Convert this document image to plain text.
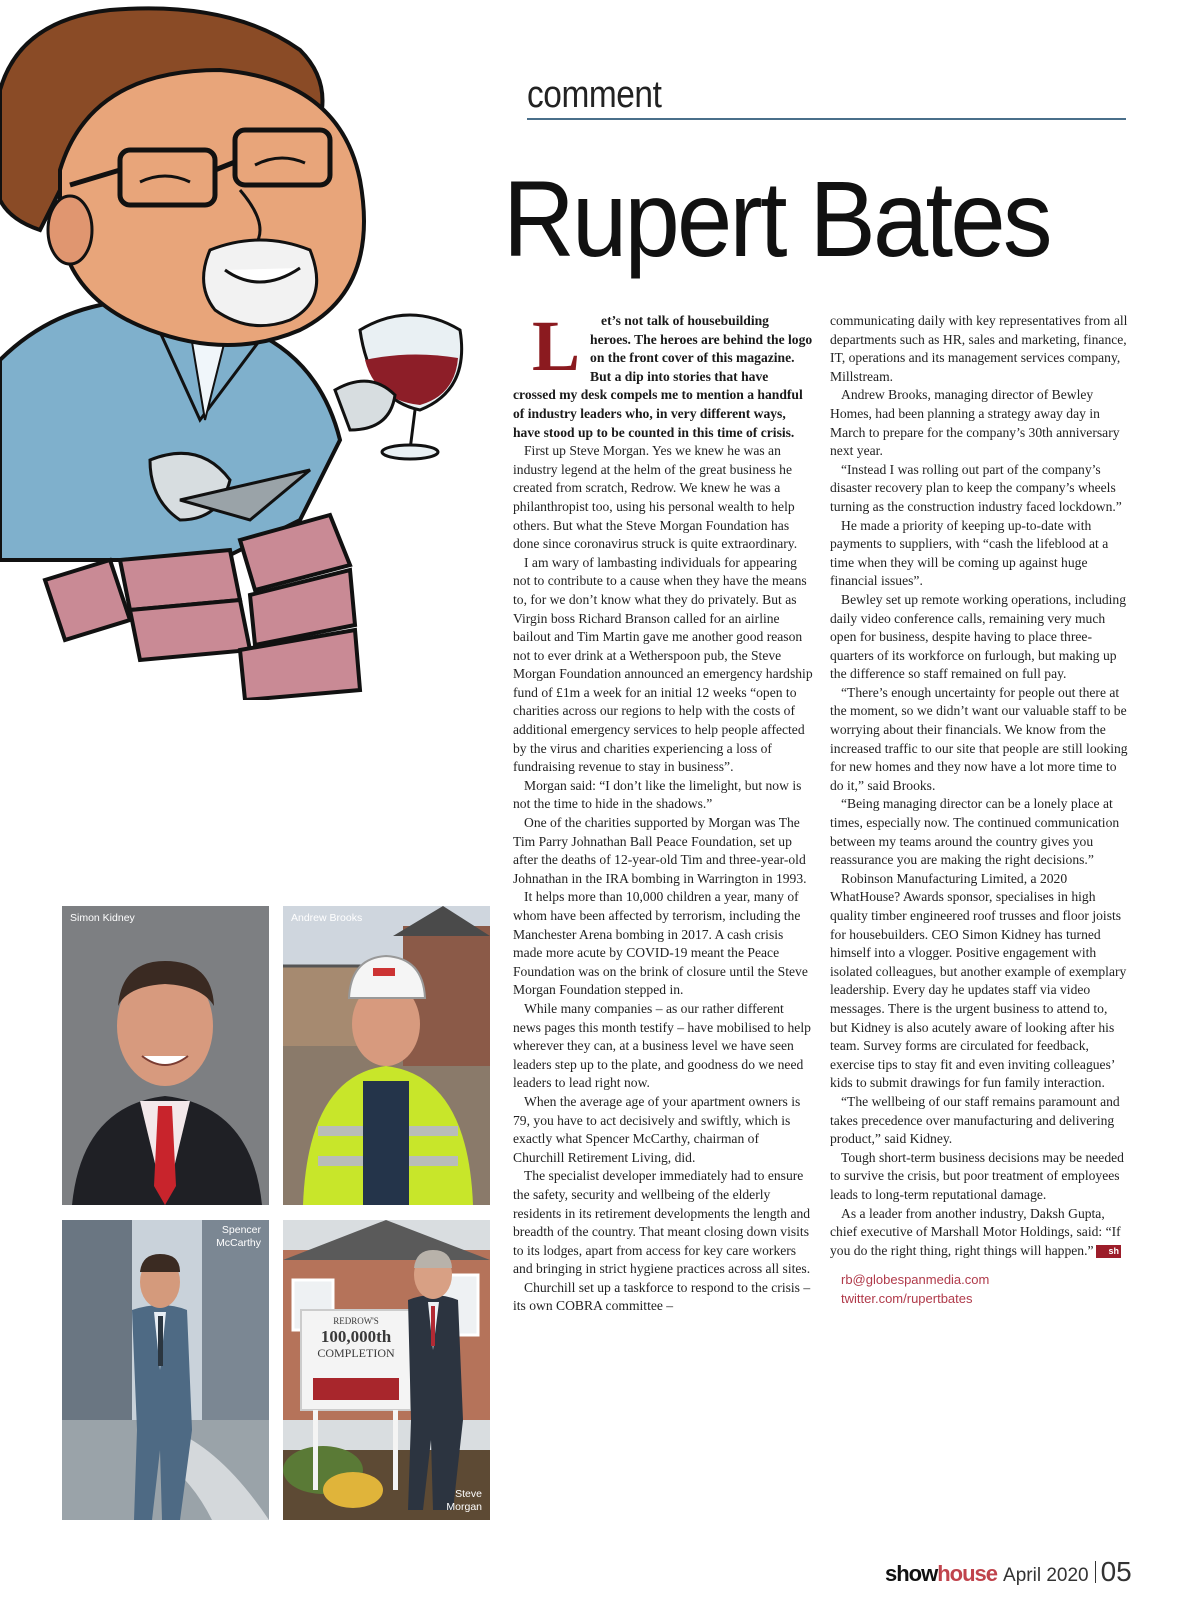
comment
Rupert Bates

L et’s not talk of housebuilding heroes. The heroes are behind the logo on the front cover of this magazine. But a dip into stories that have crossed my desk compels me to mention a handful of industry leaders who, in very different ways, have stood up to be counted in this time of crisis.

First up Steve Morgan. Yes we knew he was an industry legend at the helm of the great business he created from scratch, Redrow. We knew he was a philanthropist too, using his personal wealth to help others. But what the Steve Morgan Foundation has done since coronavirus struck is quite extraordinary.

I am wary of lambasting individuals for appearing not to contribute to a cause when they have the means to, for we don’t know what they do privately. But as Virgin boss Richard Branson called for an airline bailout and Tim Martin gave me another good reason not to ever drink at a Wetherspoon pub, the Steve Morgan Foundation announced an emergency hardship fund of £1m a week for an initial 12 weeks “open to charities across our regions to help with the costs of additional emergency services to help people affected by the virus and charities experiencing a loss of fundraising revenue to stay in business”.

Morgan said: “I don’t like the limelight, but now is not the time to hide in the shadows.”

One of the charities supported by Morgan was The Tim Parry Johnathan Ball Peace Foundation, set up after the deaths of 12-year-old Tim and three-year-old Johnathan in the IRA bombing in Warrington in 1993.

It helps more than 10,000 children a year, many of whom have been affected by terrorism, including the Manchester Arena bombing in 2017. A cash crisis made more acute by COVID-19 meant the Peace Foundation was on the brink of closure until the Steve Morgan Foundation stepped in.

While many companies – as our rather different news pages this month testify – have mobilised to help wherever they can, at a business level we have seen leaders step up to the plate, and goodness do we need leaders to lead right now.

When the average age of your apartment owners is 79, you have to act decisively and swiftly, which is exactly what Spencer McCarthy, chairman of Churchill Retirement Living, did.

The specialist developer immediately had to ensure the safety, security and wellbeing of the elderly residents in its retirement developments the length and breadth of the country. That meant closing down visits to its lodges, apart from access for key care workers and bringing in strict hygiene practices across all sites.

Churchill set up a taskforce to respond to the crisis – its own COBRA committee –

communicating daily with key representatives from all departments such as HR, sales and marketing, finance, IT, operations and its management services company, Millstream.

Andrew Brooks, managing director of Bewley Homes, had been planning a strategy away day in March to prepare for the company’s 30th anniversary next year.

“Instead I was rolling out part of the company’s disaster recovery plan to keep the company’s wheels turning as the construction industry faced lockdown.”

He made a priority of keeping up-to-date with payments to suppliers, with “cash the lifeblood at a time when they will be coming up against huge financial issues”.

Bewley set up remote working operations, including daily video conference calls, remaining very much open for business, despite having to place three-quarters of its workforce on furlough, but making up the difference so staff remained on full pay.

“There’s enough uncertainty for people out there at the moment, so we didn’t want our valuable staff to be worrying about their financials. We know from the increased traffic to our site that people are still looking for new homes and they now have a lot more time to do it,” said Brooks.

“Being managing director can be a lonely place at times, especially now. The continued communication between my teams around the country gives you reassurance you are making the right decisions.”

Robinson Manufacturing Limited, a 2020 WhatHouse? Awards sponsor, specialises in high quality timber engineered roof trusses and floor joists for housebuilders. CEO Simon Kidney has turned himself into a vlogger. Positive engagement with isolated colleagues, but another example of exemplary leadership. Every day he updates staff via video messages. There is the urgent business to attend to, but Kidney is also acutely aware of looking after his team. Survey forms are circulated for feedback, exercise tips to stay fit and even inviting colleagues’ kids to submit drawings for fun family interaction.

“The wellbeing of our staff remains paramount and takes precedence over manufacturing and delivering product,” said Kidney.

Tough short-term business decisions may be needed to survive the crisis, but poor treatment of employees leads to long-term reputational damage.

As a leader from another industry, Daksh Gupta, chief executive of Marshall Motor Holdings, said: “If you do the right thing, right things will happen.” sh

rb@globespanmedia.com

twitter.com/rupertbates

Simon Kidney	Andrew Brooks
Spencer
McCarthy
REDROW'S
100,000th
COMPLETION
Steve
Morgan
show house April 2020 05
